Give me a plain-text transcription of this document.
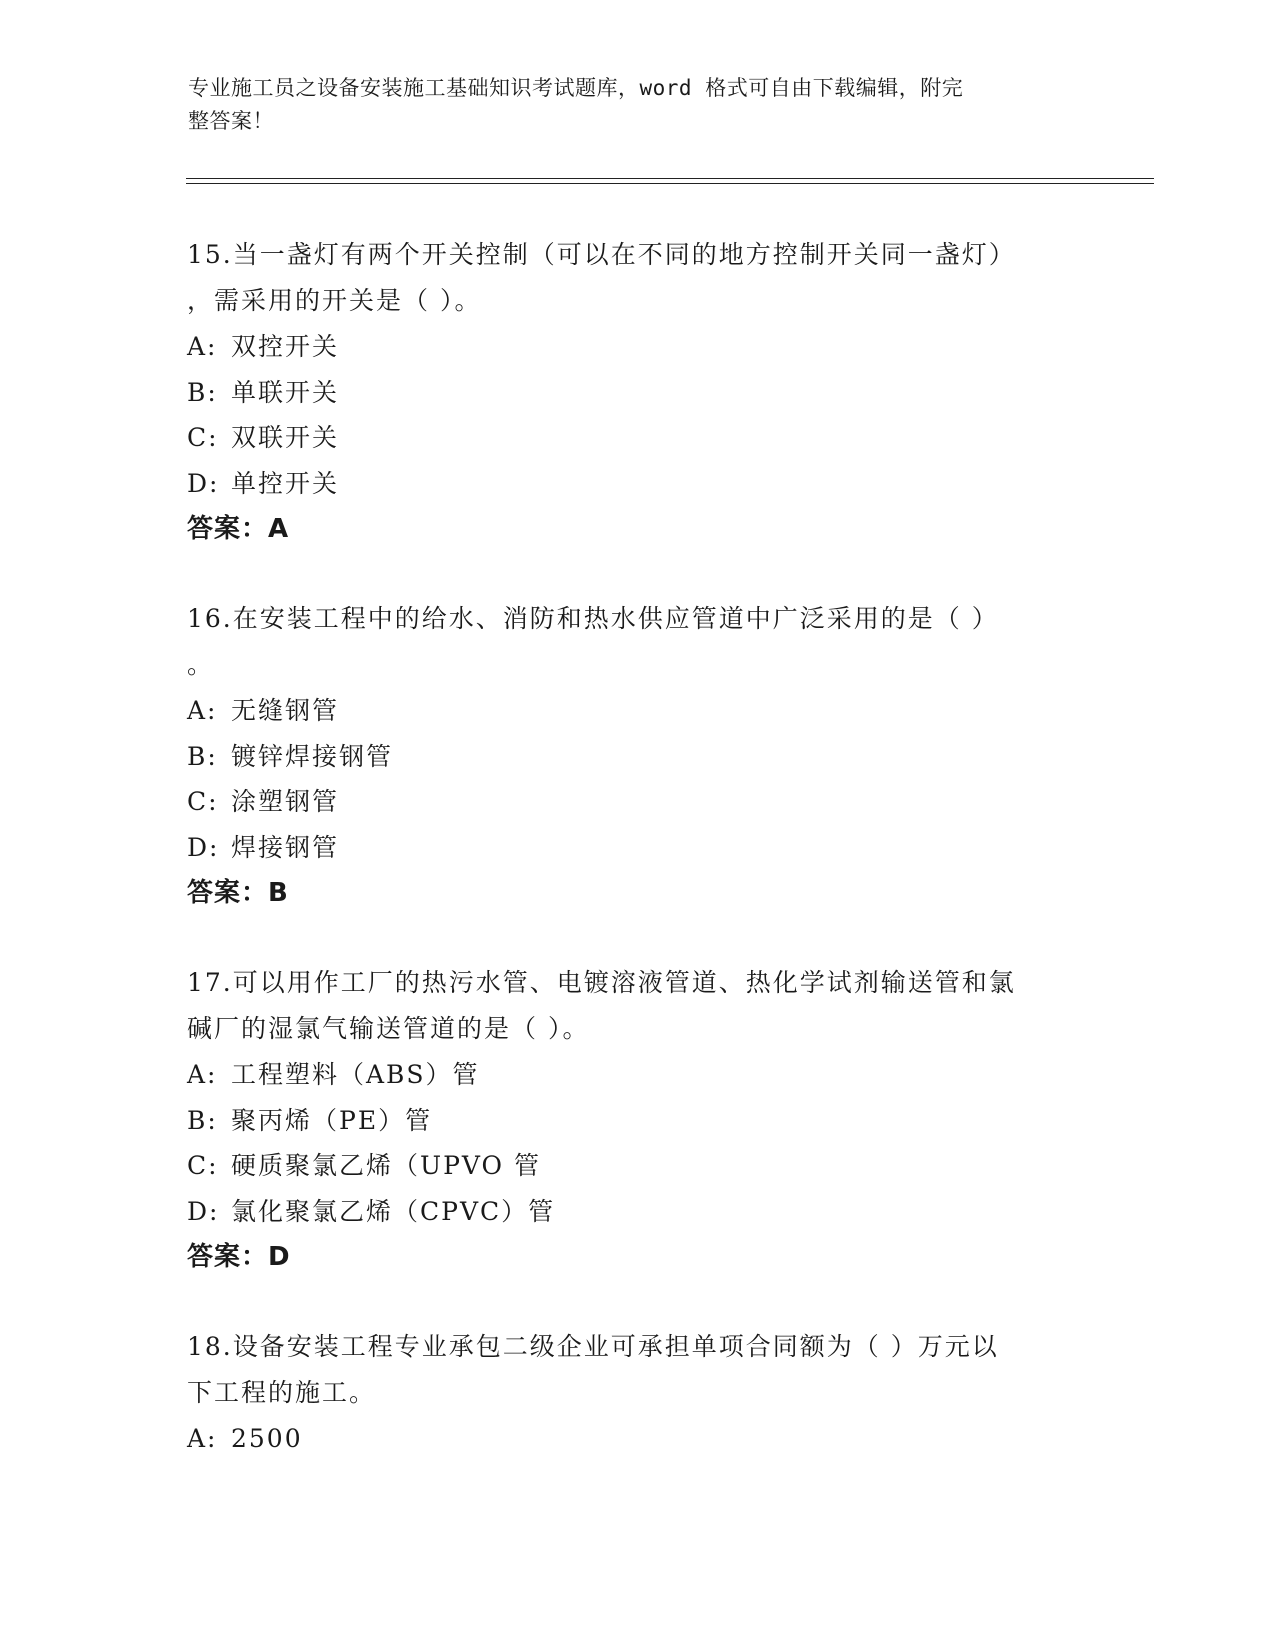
专业施工员之设备安装施工基础知识考试题库，word 格式可自由下载编辑，附完
整答案！
15.当一盏灯有两个开关控制（可以在不同的地方控制开关同一盏灯）
，需采用的开关是（ ）。
A: 双控开关
B: 单联开关
C: 双联开关
D: 单控开关
答案：A
16.在安装工程中的给水、消防和热水供应管道中广泛采用的是（ ）
。
A: 无缝钢管
B: 镀锌焊接钢管
C: 涂塑钢管
D: 焊接钢管
答案：B
17.可以用作工厂的热污水管、电镀溶液管道、热化学试剂输送管和氯
碱厂的湿氯气输送管道的是（ ）。
A: 工程塑料（ABS）管
B: 聚丙烯（PE）管
C: 硬质聚氯乙烯（UPVO 管
D: 氯化聚氯乙烯（CPVC）管
答案：D
18.设备安装工程专业承包二级企业可承担单项合同额为（ ）万元以
下工程的施工。
A: 2500
